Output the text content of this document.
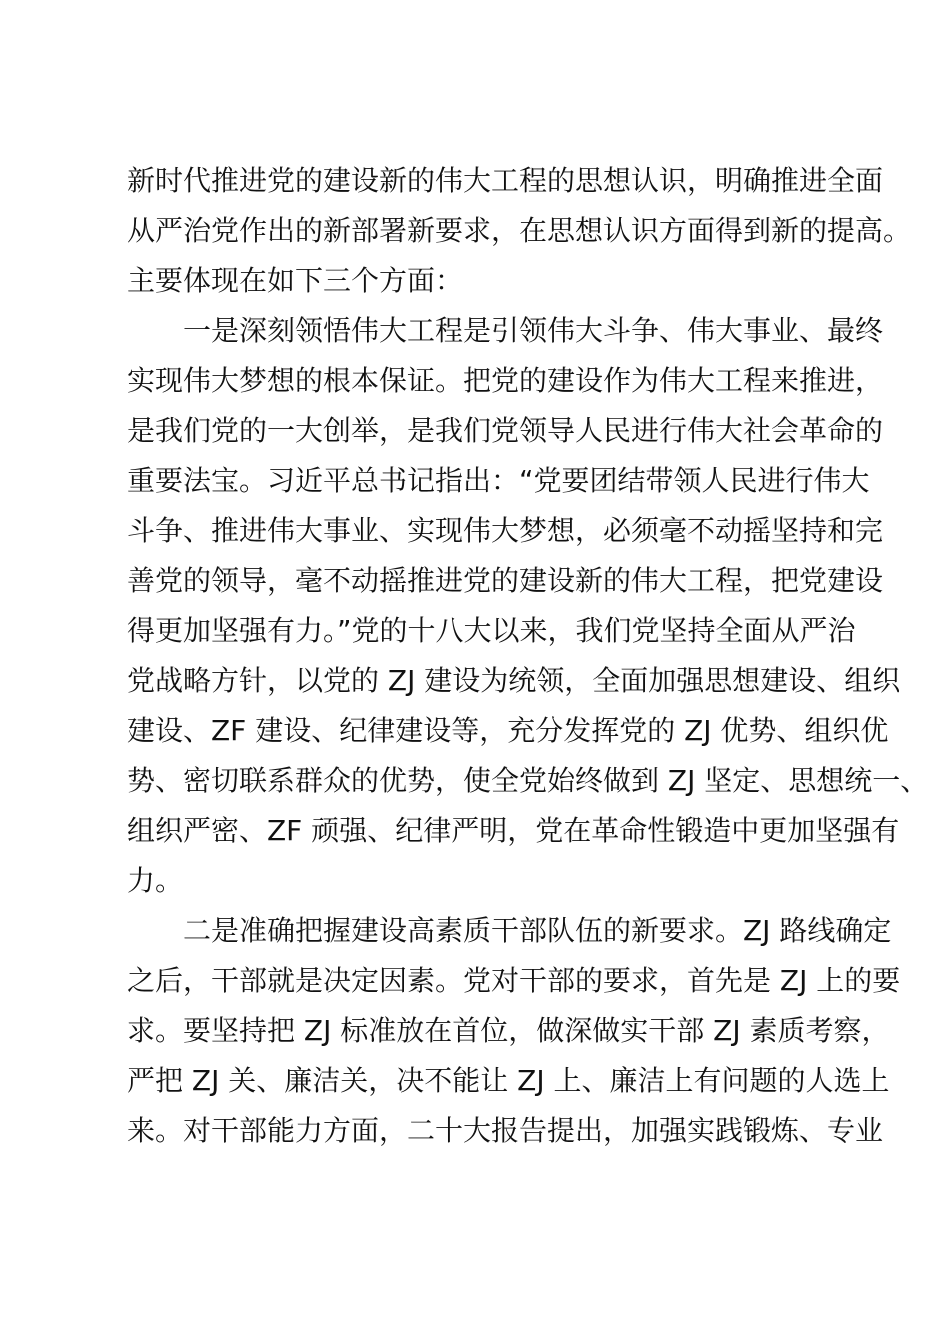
新时代推进党的建设新的伟大工程的思想认识，明确推进全面
从严治党作出的新部署新要求，在思想认识方面得到新的提高。
主要体现在如下三个方面：
一是深刻领悟伟大工程是引领伟大斗争、伟大事业、最终
实现伟大梦想的根本保证。把党的建设作为伟大工程来推进，
是我们党的一大创举，是我们党领导人民进行伟大社会革命的
重要法宝。习近平总书记指出：“党要团结带领人民进行伟大
斗争、推进伟大事业、实现伟大梦想，必须毫不动摇坚持和完
善党的领导，毫不动摇推进党的建设新的伟大工程，把党建设
得更加坚强有力。”党的十八大以来，我们党坚持全面从严治
党战略方针，以党的 ZJ 建设为统领，全面加强思想建设、组织
建设、ZF 建设、纪律建设等，充分发挥党的 ZJ 优势、组织优
势、密切联系群众的优势，使全党始终做到 ZJ 坚定、思想统一、
组织严密、ZF 顽强、纪律严明，党在革命性锻造中更加坚强有
力。
二是准确把握建设高素质干部队伍的新要求。ZJ 路线确定
之后，干部就是决定因素。党对干部的要求，首先是 ZJ 上的要
求。要坚持把 ZJ 标准放在首位，做深做实干部 ZJ 素质考察，
严把 ZJ 关、廉洁关，决不能让 ZJ 上、廉洁上有问题的人选上
来。对干部能力方面，二十大报告提出，加强实践锻炼、专业
